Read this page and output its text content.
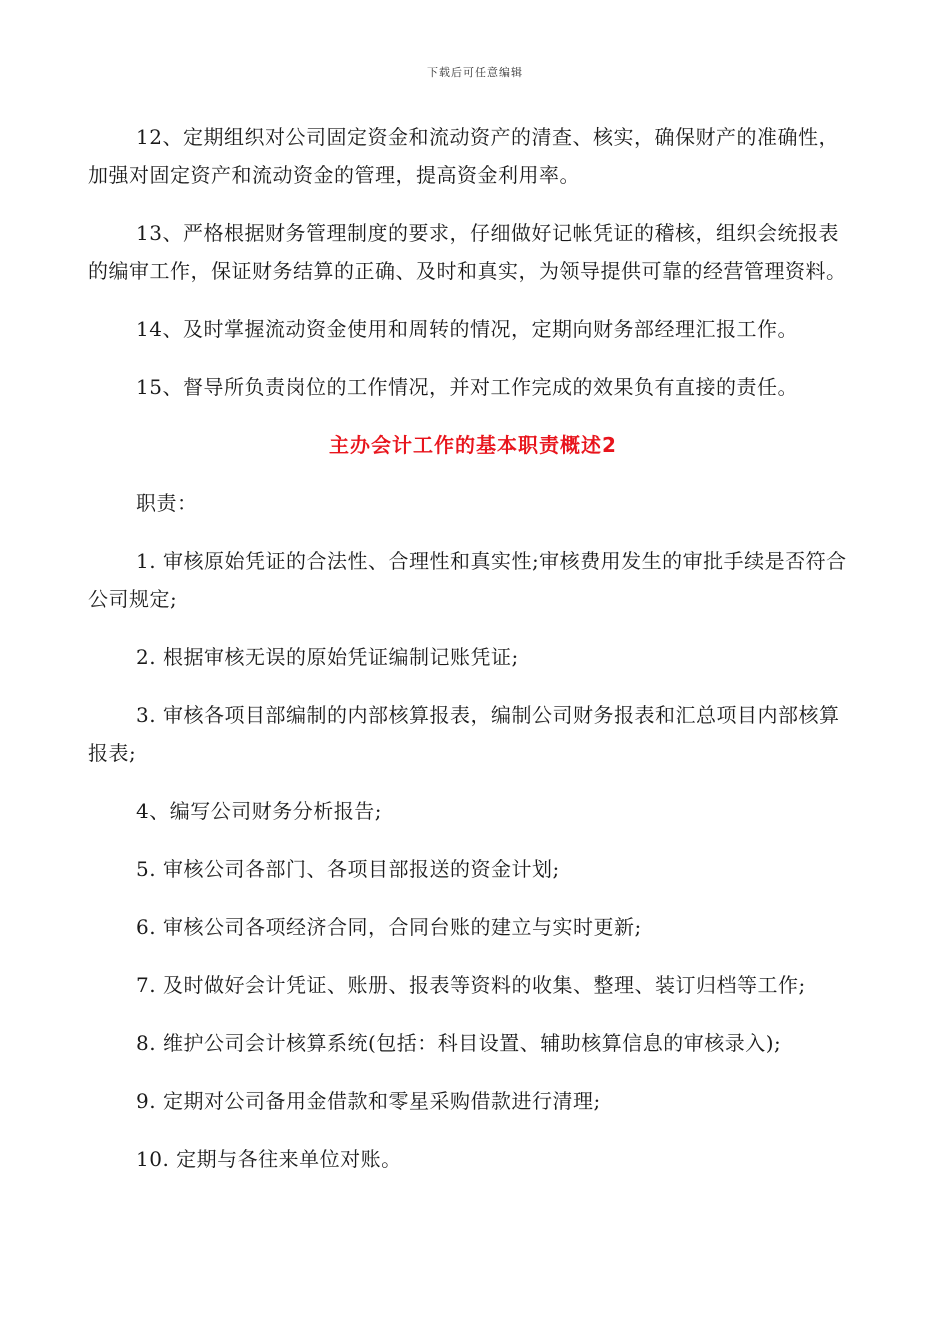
下载后可任意编辑

12、定期组织对公司固定资金和流动资产的清查、核实，确保财产的准确性，加强对固定资产和流动资金的管理，提高资金利用率。

13、严格根据财务管理制度的要求，仔细做好记帐凭证的稽核，组织会统报表的编审工作，保证财务结算的正确、及时和真实，为领导提供可靠的经营管理资料。

14、及时掌握流动资金使用和周转的情况，定期向财务部经理汇报工作。

15、督导所负责岗位的工作情况，并对工作完成的效果负有直接的责任。

主办会计工作的基本职责概述2

职责：

1. 审核原始凭证的合法性、合理性和真实性;审核费用发生的审批手续是否符合公司规定;

2. 根据审核无误的原始凭证编制记账凭证;

3. 审核各项目部编制的内部核算报表，编制公司财务报表和汇总项目内部核算报表;

4、编写公司财务分析报告;

5. 审核公司各部门、各项目部报送的资金计划;

6. 审核公司各项经济合同，合同台账的建立与实时更新;

7. 及时做好会计凭证、账册、报表等资料的收集、整理、装订归档等工作;

8. 维护公司会计核算系统(包括：科目设置、辅助核算信息的审核录入);

9. 定期对公司备用金借款和零星采购借款进行清理;

10. 定期与各往来单位对账。
